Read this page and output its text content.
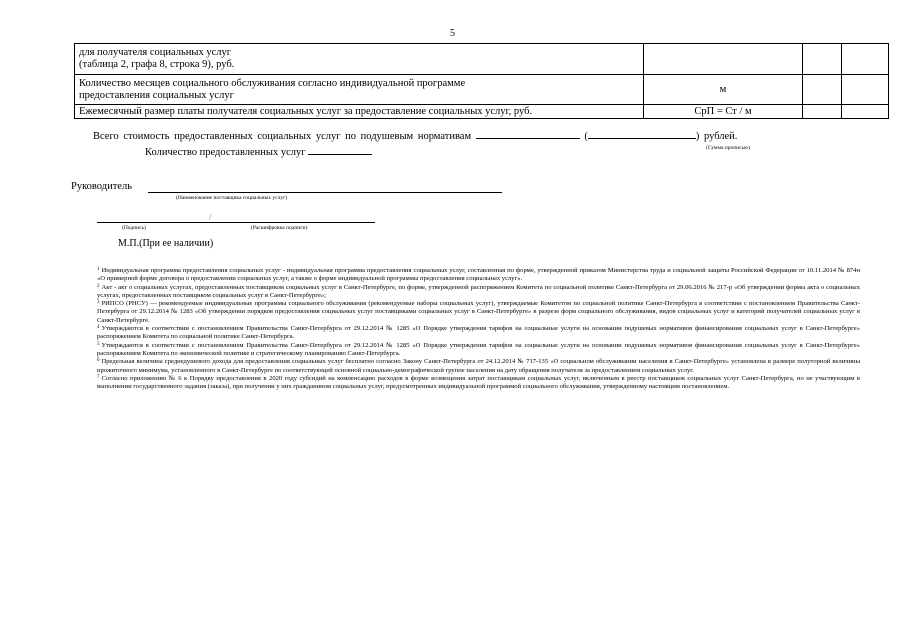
5
для получателя социальных услуг
(таблица 2, графа 8, строка 9), руб.			

Количество месяцев социального обслуживания согласно индивидуальной программе
предоставления социальных услуг	м		
Ежемесячный размер платы получателя социальных услуг за предоставление социальных услуг, руб.	СрП = Ст / м		
Всего стоимость предоставленных социальных услуг по подушевым нормативам	(	) рублей.
(Сумма прописью)
Количество предоставленных услуг
Руководитель
(Наименование поставщика социальных услуг)
/
(Подпись)	(Расшифровка подписи)
М.П.(При ее наличии)

$^1$ Индивидуальная программа предоставления социальных услуг - индивидуальная программа предоставления социальных услуг, составленная по форме, утвержденной приказом Министерства труда и социальной защиты Российской Федерации от 10.11.2014 № 874н «О примерной форме договора о предоставлении социальных услуг, а также о форме индивидуальной программы предоставления социальных услуг».

$^2$ Акт - акт о социальных услугах, предоставленных поставщиком социальных услуг в Санкт-Петербурге, по форме, утвержденной распоряжением Комитета по социальной политике Санкт-Петербурга от 29.06.2016 № 217-р «Об утверждении формы акта о социальных услугах, предоставленных поставщиком социальных услуг в Санкт-Петербурге»;

$^3$ РИПСО (РНСУ) — рекомендуемые индивидуальные программы социального обслуживания (рекомендуемые наборы социальных услуг), утверждаемые Комитетом по социальной политике Санкт-Петербурга в соответствии с постановлением Правительства Санкт-Петербурга от 29.12.2014 № 1283 «Об утверждении порядков предоставления социальных услуг поставщиками социальных услуг в Санкт-Петербурге» в разрезе форм социального обслуживания, видов социальных услуг и категорий получателей социальных услуг в Санкт-Петербурге.

$^4$ Утверждаются в соответствии с постановлением Правительства Санкт-Петербурга от 29.12.2014 № 1285 «О Порядке утверждения тарифов на социальные услуги на основании подушевых нормативов финансирования социальных услуг в Санкт-Петербурге» распоряжением Комитета по социальной политике Санкт-Петербурга.

$^5$ Утверждаются в соответствии с постановлением Правительства Санкт-Петербурга от 29.12.2014 № 1285 «О Порядке утверждения тарифов на социальные услуги на основании подушевых нормативов финансирования социальных услуг в Санкт-Петербурге» распоряжением Комитета по экономической политике и стратегическому планированию Санкт-Петербурга.

$^6$ Предельная величина среднедушевого дохода для предоставления социальных услуг бесплатно согласно Закону Санкт-Петербурга от 24.12.2014 № 717-135 «О социальном обслуживании населения в Санкт-Петербурге» установлена в размере полуторной величины прожиточного минимума, установленного в Санкт-Петербурге по соответствующей основной социально-демографической группе населения на дату обращения получателя за предоставлением социальных услуг.

$^7$ Согласно приложению № 6 к Порядку предоставления в 2020 году субсидий на компенсацию расходов в форме возмещения затрат поставщикам социальных услуг, включенным в реестр поставщиков социальных услуг Санкт-Петербурга, но не участвующим в выполнении государственного задания (заказа), при получении у них гражданином социальных услуг, предусмотренных индивидуальной программой социального обслуживания, утвержденному настоящим постановлением.
